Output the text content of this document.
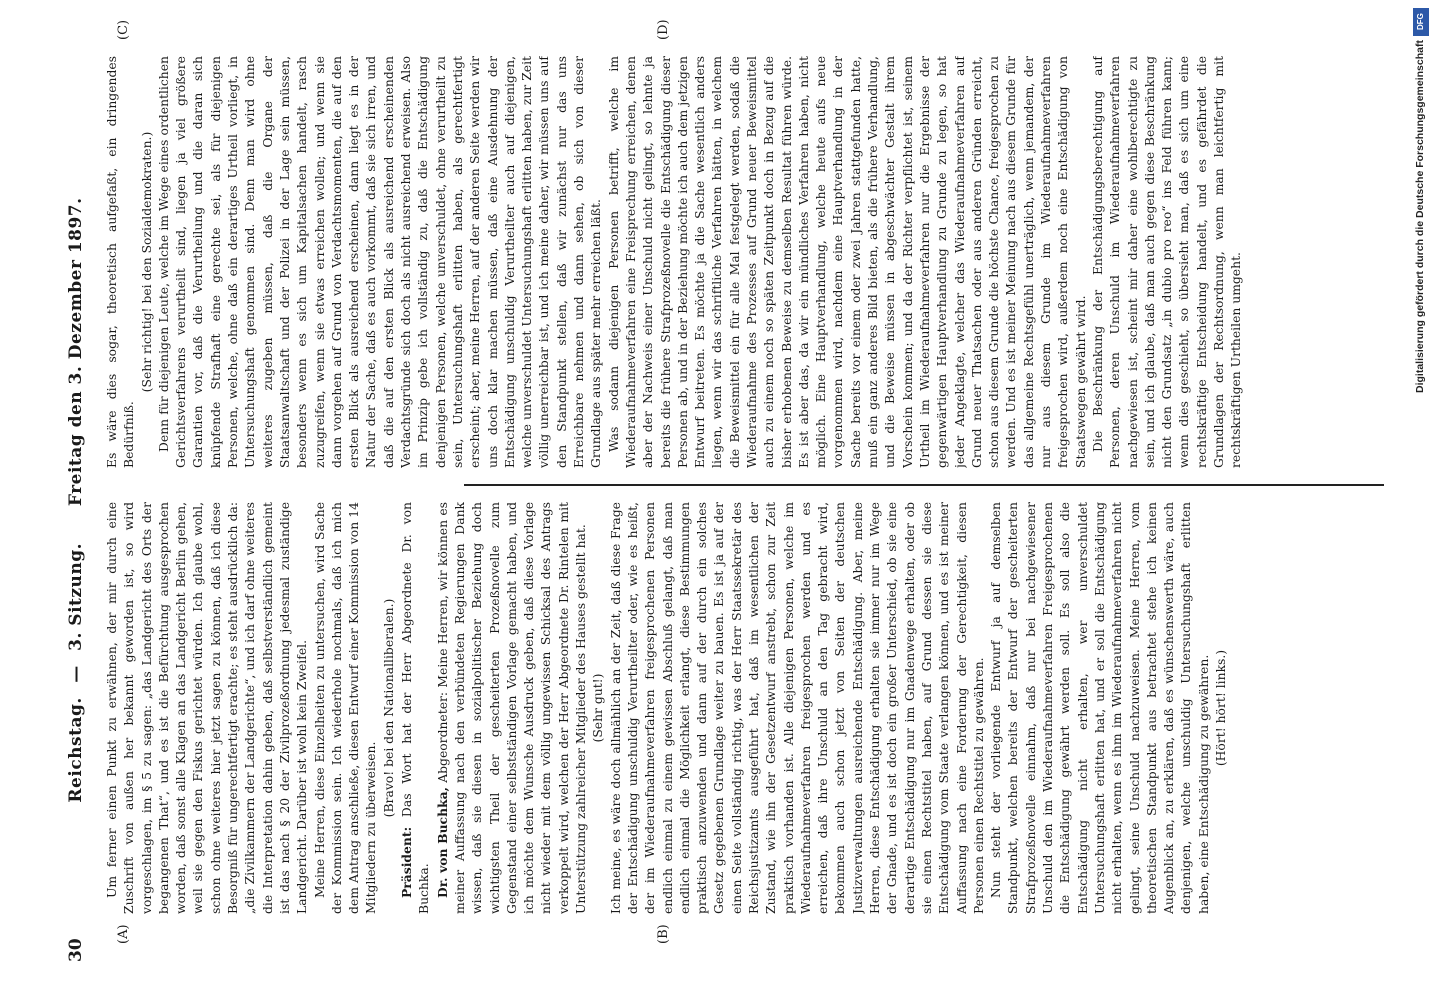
30
Reichstag. — 3. Sitzung.  Freitag den 3. Dezember 1897.
(A)	(B)
(C)	(D)

Um ferner einen Punkt zu erwähnen, der mir durch eine Zuschrift von außen her bekannt geworden ist, so wird vorgeschlagen, im § 5 zu sagen: „das Landgericht des Orts der begangenen That“, und es ist die Befürchtung ausgesprochen worden, daß sonst alle Klagen an das Landgericht Berlin gehen, weil sie gegen den Fiskus gerichtet würden. Ich glaube wohl, schon ohne weiteres hier jetzt sagen zu können, daß ich diese Besorgniß für ungerechtfertigt erachte; es steht ausdrücklich da: „die Zivilkammern der Landgerichte“, und ich darf ohne weiteres die Interpretation dahin geben, daß selbstverständlich gemeint ist das nach § 20 der Zivilprozeßordnung jedesmal zuständige Landgericht. Darüber ist wohl kein Zweifel. Meine Herren, diese Einzelheiten zu untersuchen, wird Sache der Kommission sein. Ich wiederhole nochmals, daß ich mich dem Antrag anschließe, diesen Entwurf einer Kommission von 14 Mitgliedern zu überweisen.

(Bravo! bei den Nationalliberalen.)

Präsident: Das Wort hat der Herr Abgeordnete Dr. von Buchka. Dr. von Buchka, Abgeordneter: Meine Herren, wir können es meiner Auffassung nach den verbündeten Regierungen Dank wissen, daß sie diesen in sozialpolitischer Beziehung doch wichtigsten Theil der gescheiterten Prozeßnovelle zum Gegenstand einer selbstständigen Vorlage gemacht haben, und ich möchte dem Wunsche Ausdruck geben, daß diese Vorlage nicht wieder mit dem völlig ungewissen Schicksal des Antrags verkoppelt wird, welchen der Herr Abgeordnete Dr. Rintelen mit Unterstützung zahlreicher Mitglieder des Hauses gestellt hat. (Sehr gut!) Ich meine, es wäre doch allmählich an der Zeit, daß diese Frage der Entschädigung unschuldig Verurtheilter oder, wie es heißt, der im Wiederaufnahmeverfahren freigesprochenen Personen endlich einmal zu einem gewissen Abschluß gelangt, daß man endlich einmal die Möglichkeit erlangt, diese Bestimmungen praktisch anzuwenden und dann auf der durch ein solches Gesetz gegebenen Grundlage weiter zu bauen. Es ist ja auf der einen Seite vollständig richtig, was der Herr Staatssekretär des Reichsjustizamts ausgeführt hat, daß im wesentlichen der Zustand, wie ihn der Gesetzentwurf anstrebt, schon zur Zeit praktisch vorhanden ist. Alle diejenigen Personen, welche im Wiederaufnahmeverfahren freigesprochen werden und es erreichen, daß ihre Unschuld an den Tag gebracht wird, bekommen auch schon jetzt von Seiten der deutschen Justizverwaltungen ausreichende Entschädigung. Aber, meine Herren, diese Entschädigung erhalten sie immer nur im Wege der Gnade, und es ist doch ein großer Unterschied, ob sie eine derartige Entschädigung nur im Gnadenwege erhalten, oder ob sie einen Rechtstitel haben, auf Grund dessen sie diese Entschädigung vom Staate verlangen können, und es ist meiner Auffassung nach eine Forderung der Gerechtigkeit, diesen Personen einen Rechtstitel zu gewähren. Nun steht der vorliegende Entwurf ja auf demselben Standpunkt, welchen bereits der Entwurf der gescheiterten Strafprozeßnovelle einnahm, daß nur bei nachgewiesener Unschuld den im Wiederaufnahmeverfahren Freigesprochenen die Entschädigung gewährt werden soll. Es soll also die Entschädigung nicht erhalten, wer unverschuldet Untersuchungshaft erlitten hat, und er soll die Entschädigung nicht erhalten, wenn es ihm im Wiederaufnahmeverfahren nicht gelingt, seine Unschuld nachzuweisen. Meine Herren, vom theoretischen Standpunkt aus betrachtet stehe ich keinen Augenblick an, zu erklären, daß es wünschenswerth wäre, auch denjenigen, welche unschuldig Untersuchungshaft erlitten haben, eine Entschädigung zu gewähren. (Hört! hört! links.)

Es wäre dies sogar, theoretisch aufgefaßt, ein dringendes Bedürfniß.

(Sehr richtig! bei den Sozialdemokraten.) Denn für diejenigen Leute, welche im Wege eines ordentlichen Gerichtsverfahrens verurtheilt sind, liegen ja viel größere Garantien vor, daß die Verurtheilung und die daran sich knüpfende Strafhaft eine gerechte sei, als für diejenigen Personen, welche, ohne daß ein derartiges Urtheil vorliegt, in Untersuchungshaft genommen sind. Denn man wird ohne weiteres zugeben müssen, daß die Organe der Staatsanwaltschaft und der Polizei in der Lage sein müssen, besonders wenn es sich um Kapitalsachen handelt, rasch zuzugreifen, wenn sie etwas erreichen wollen; und wenn sie dann vorgehen auf Grund von Verdachtsmomenten, die auf den ersten Blick als ausreichend erscheinen, dann liegt es in der Natur der Sache, daß es auch vorkommt, daß sie sich irren, und daß die auf den ersten Blick als ausreichend erscheinenden Verdachtsgründe sich doch als nicht ausreichend erweisen. Also im Prinzip gebe ich vollständig zu, daß die Entschädigung denjenigen Personen, welche unverschuldet, ohne verurtheilt zu sein, Untersuchungshaft erlitten haben, als gerechtfertigt erscheint; aber, meine Herren, auf der anderen Seite werden wir uns doch klar machen müssen, daß eine Ausdehnung der Entschädigung unschuldig Verurtheilter auch auf diejenigen, welche unverschuldet Untersuchungshaft erlitten haben, zur Zeit völlig unerreichbar ist, und ich meine daher, wir müssen uns auf den Standpunkt stellen, daß wir zunächst nur das uns Erreichbare nehmen und dann sehen, ob sich von dieser Grundlage aus später mehr erreichen läßt. Was sodann diejenigen Personen betrifft, welche im Wiederaufnahmeverfahren eine Freisprechung erreichen, denen aber der Nachweis einer Unschuld nicht gelingt, so lehnte ja bereits die frühere Strafprozeßnovelle die Entschädigung dieser Personen ab, und in der Beziehung möchte ich auch dem jetzigen Entwurf beitreten. Es möchte ja die Sache wesentlich anders liegen, wenn wir das schriftliche Verfahren hätten, in welchem die Beweismittel ein für alle Mal festgelegt werden, sodaß die Wiederaufnahme des Prozesses auf Grund neuer Beweismittel auch zu einem noch so späten Zeitpunkt doch in Bezug auf die bisher erhobenen Beweise zu demselben Resultat führen würde. Es ist aber das, da wir ein mündliches Verfahren haben, nicht möglich. Eine Hauptverhandlung, welche heute aufs neue vorgenommen wird, nachdem eine Hauptverhandlung in der Sache bereits vor einem oder zwei Jahren stattgefunden hatte, muß ein ganz anderes Bild bieten, als die frühere Verhandlung, und die Beweise müssen in abgeschwächter Gestalt ihrem Vorschein kommen; und da der Richter verpflichtet ist, seinem Urtheil im Wiederaufnahmeverfahren nur die Ergebnisse der gegenwärtigen Hauptverhandlung zu Grunde zu legen, so hat jeder Angeklagte, welcher das Wiederaufnahmeverfahren auf Grund neuer Thatsachen oder aus anderen Gründen erreicht, schon aus diesem Grunde die höchste Chance, freigesprochen zu werden. Und es ist meiner Meinung nach aus diesem Grunde für das allgemeine Rechtsgefühl unerträglich, wenn jemandem, der nur aus diesem Grunde im Wiederaufnahmeverfahren freigesprochen wird, außerdem noch eine Entschädigung von Staatswegen gewährt wird. Die Beschränkung der Entschädigungsberechtigung auf Personen, deren Unschuld im Wiederaufnahmeverfahren nachgewiesen ist, scheint mir daher eine wohlberechtigte zu sein, und ich glaube, daß man auch gegen diese Beschränkung nicht den Grundsatz „in dubio pro reo“ ins Feld führen kann; wenn dies geschieht, so übersieht man, daß es sich um eine rechtskräftige Entscheidung handelt, und es gefährdet die Grundlagen der Rechtsordnung, wenn man leichtfertig mit rechtskräftigen Urtheilen umgeht.

DFG
Digitalisierung gefördert durch die Deutsche Forschungsgemeinschaft
